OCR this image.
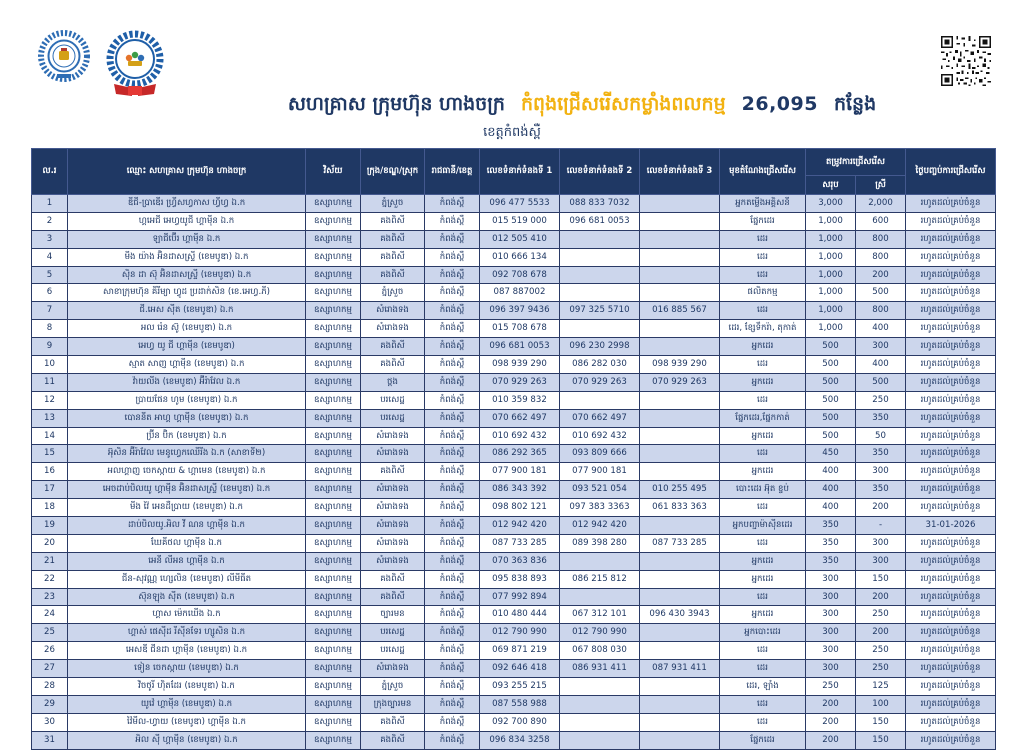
សហគ្រាស ក្រុមហ៊ុន ហាងចក្រ កំពុងជ្រើសរើសកម្លាំងពលកម្ម 26,095 កន្លែង
ខេត្តកំពង់ស្ពឺ
ល.រ	ឈ្មោះ សហគ្រាស ក្រុមហ៊ុន ហាងចក្រ	វិស័យ	ក្រុង/ខណ្ឌ/ស្រុក	រាជធានី/ខេត្ត	លេខទំនាក់ទំនងទី 1	លេខទំនាក់ទំនងទី 2	លេខទំនាក់ទំនងទី 3	មុខតំណែងជ្រើសរើស	តម្រូវការជ្រើសរើស		ថ្ងៃបញ្ចប់ការជ្រើសរើស
									សរុប	ស្រី	
1	ឌីជី-ប្រាឌើរ ហ្វ្រីសហ្វកាស ហ្វីហ្វ ឯ.ក	ឧស្សាហកម្ម	ភ្នំស្រួច	កំពង់ស្ពឺ	096 477 5533	088 833 7032		អ្នកតម្លើងអគ្គិសនី	3,000	2,000	រហូតដល់គ្រប់ចំនួន
2	ហ្គអេជី អេហ្វយូជី ហ្គាម៉ីន ឯ.ក	ឧស្សាហកម្ម	គងពិសី	កំពង់ស្ពឺ	015 519 000	096 681 0053		ផ្នែកដេរ	1,000	600	រហូតដល់គ្រប់ចំនួន
3	ឡាជីប៊ើរ ហ្គាម៉ីន ឯ.ក	ឧស្សាហកម្ម	គងពិសី	កំពង់ស្ពឺ	012 505 410			ដេរ	1,000	800	រហូតដល់គ្រប់ចំនួន
4	មីង យ៉ាង អ៊ិនដាសស្ទ្រី (ខេមបូឌា) ឯ.ក	ឧស្សាហកម្ម	គងពិសី	កំពង់ស្ពឺ	010 666 134			ដេរ	1,000	800	រហូតដល់គ្រប់ចំនួន
5	ស៊ិន ដា ស៊ុ អ៊ិនដាសស្ទ្រី (ខេមបូឌា) ឯ.ក	ឧស្សាហកម្ម	គងពិសី	កំពង់ស្ពឺ	092 708 678			ដេរ	1,000	200	រហូតដល់គ្រប់ចំនួន
6	សាខាក្រុមហ៊ុន គីរីម្យា ហ្វូដ ប្រដាក់សិន (ខេ.អេហ្វ.ភី)	ឧស្សាហកម្ម	ភ្នំស្រួច	កំពង់ស្ពឺ	087 887002			ផលិតកម្ម	1,000	500	រហូតដល់គ្រប់ចំនួន
7	ជី.អេស ស៊ីត (ខេមបូឌា) ឯ.ក	ឧស្សាហកម្ម	សំរោងទង	កំពង់ស្ពឺ	096 397 9436	097 325 5710	016 885 567	ដេរ	1,000	800	រហូតដល់គ្រប់ចំនួន
8	អល រ៉េន ស៊ូ (ខេមបូឌា) ឯ.ក	ឧស្សាហកម្ម	សំរោងទង	កំពង់ស្ពឺ	015 708 678			ដេរ, ខ្សែទឹករ៉ា, តុកាត់	1,000	400	រហូតដល់គ្រប់ចំនួន
9	អេហ្វ យូ ជី ហ្គាម៉ីន (ខេមបូឌា)	ឧស្សាហកម្ម	គងពិសី	កំពង់ស្ពឺ	096 681 0053	096 230 2998		អ្នកដេរ	500	300	រហូតដល់គ្រប់ចំនួន
10	ស្មាត សាញ ហ្គាម៉ីន (ខេមបូឌា) ឯ.ក	ឧស្សាហកម្ម	គងពិសី	កំពង់ស្ពឺ	098 939 290	086 282 030	098 939 290	ដេរ	500	400	រហូតដល់គ្រប់ចំនួន
11	វ៉ាយលីង (ខេមបូឌា) អ៊ីរ៉ាវែល ឯ.ក	ឧស្សាហកម្ម	ថ្ពង	កំពង់ស្ពឺ	070 929 263	070 929 263	070 929 263	អ្នកដេរ	500	500	រហូតដល់គ្រប់ចំនួន
12	ប្រាយផែន ហូម (ខេមបូឌា) ឯ.ក	ឧស្សាហកម្ម	បរសេដ្ឋ	កំពង់ស្ពឺ	010 359 832			ដេរ	500	250	រហូតដល់គ្រប់ចំនួន
13	បោននីត អាហ្គ ហ្គាម៉ីន (ខេមបូឌា) ឯ.ក	ឧស្សាហកម្ម	បរសេដ្ឋ	កំពង់ស្ពឺ	070 662 497	070 662 497		ផ្នែកដេរ,ផ្នែកកាត់	500	350	រហូតដល់គ្រប់ចំនួន
14	ប្រ៊ីន ប៊ិក (ខេមបូឌា) ឯ.ក	ឧស្សាហកម្ម	សំរោងទង	កំពង់ស្ពឺ	010 692 432	010 692 432		អ្នកដេរ	500	50	រហូតដល់គ្រប់ចំនួន
15	អ៊ុសិន អ៊ីរ៉ាវែល មេនូហ្វេកឈើរីង ឯ.ក (សាខាទី២)	ឧស្សាហកម្ម	សំរោងទង	កំពង់ស្ពឺ	086 292 365	093 809 666		ដេរ	450	350	រហូតដល់គ្រប់ចំនួន
16	អលហ្គាញ ចេកស្កាយ & ហ្គាមេន (ខេមបូឌា) ឯ.ក	ឧស្សាហកម្ម	គងពិសី	កំពង់ស្ពឺ	077 900 181	077 900 181		អ្នកដេរ	400	300	រហូតដល់គ្រប់ចំនួន
17	អេចដាប់បិលយូ ហ្គាម៉ីន អ៊ិនដាសស្ទ្រី (ខេមបូឌា) ឯ.ក	ឧស្សាហកម្ម	សំរោងទង	កំពង់ស្ពឺ	086 343 392	093 521 054	010 255 495	បោះដេរ អ៊ុត ខ្ចប់	400	350	រហូតដល់គ្រប់ចំនួន
18	មីង វ៉ៃ អេនដឺប្រាយ (ខេមបូឌា) ឯ.ក	ឧស្សាហកម្ម	សំរោងទង	កំពង់ស្ពឺ	098 802 121	097 383 3363	061 833 363	ដេរ	400	200	រហូតដល់គ្រប់ចំនួន
19	ដាប់បិលយូ.អិល វី ណន ហ្គាម៉ីន ឯ.ក	ឧស្សាហកម្ម	សំរោងទង	កំពង់ស្ពឺ	012 942 420	012 942 420		អ្នកបញ្ជាម៉ាស៊ីនដេរ	350	-	31-01-2026
20	ឃែគីថល ហ្គាម៉ីន ឯ.ក	ឧស្សាហកម្ម	សំរោងទង	កំពង់ស្ពឺ	087 733 285	089 398 280	087 733 285	ដេរ	350	300	រហូតដល់គ្រប់ចំនួន
21	អេនី លីអន ហ្គាម៉ីន ឯ.ក	ឧស្សាហកម្ម	សំរោងទង	កំពង់ស្ពឺ	070 363 836			អ្នកដេរ	350	300	រហូតដល់គ្រប់ចំនួន
22	ជីន-សុវណ្ណ ហ្សេលិន (ខេមបូឌា) លីមីធីត	ឧស្សាហកម្ម	គងពិសី	កំពង់ស្ពឺ	095 838 893	086 215 812		អ្នកដេរ	300	150	រហូតដល់គ្រប់ចំនួន
23	ស៊ុនឡុង ស៊ីត (ខេមបូឌា) ឯ.ក	ឧស្សាហកម្ម	គងពិសី	កំពង់ស្ពឺ	077 992 894			ដេរ	300	200	រហូតដល់គ្រប់ចំនួន
24	ហ្គាស ម៉េកឃើង ឯ.ក	ឧស្សាហកម្ម	ច្បារមន	កំពង់ស្ពឺ	010 480 444	067 312 101	096 430 3943	អ្នកដេរ	300	250	រហូតដល់គ្រប់ចំនួន
25	ហ្គាស់ ផេស៊ីដ រីស៊ីនទែរ ហ្សូសិន ឯ.ក	ឧស្សាហកម្ម	បរសេដ្ឋ	កំពង់ស្ពឺ	012 790 990	012 790 990		អ្នកបោះដេរ	300	200	រហូតដល់គ្រប់ចំនួន
26	អេសឌី ជីនដា ហ្គាម៉ីន (ខេមបូឌា) ឯ.ក	ឧស្សាហកម្ម	បរសេដ្ឋ	កំពង់ស្ពឺ	069 871 219	067 808 030		ដេរ	300	250	រហូតដល់គ្រប់ចំនួន
27	ទៀន ចេកស្កាយ (ខេមបូឌា) ឯ.ក	ឧស្សាហកម្ម	សំរោងទង	កំពង់ស្ពឺ	092 646 418	086 931 411	087 931 411	ដេរ	300	250	រហូតដល់គ្រប់ចំនួន
28	វិចថូរី ហ៊ិតដែរ (ខេមបូឌា) ឯ.ក	ឧស្សាហកម្ម	ភ្នំស្រួច	កំពង់ស្ពឺ	093 255 215			ដេរ, ឡាំង	250	125	រហូតដល់គ្រប់ចំនួន
29	យូវ៉េ ហ្គាម៉ីន (ខេមបូឌា) ឯ.ក	ឧស្សាហកម្ម	ក្រុងច្បារមន	កំពង់ស្ពឺ	087 558 988			ដេរ	200	100	រហូតដល់គ្រប់ចំនួន
30	វ៉ៃមីល-ហ្វាយ (ខេមបូឌា) ហ្គាម៉ីន ឯ.ក	ឧស្សាហកម្ម	គងពិសី	កំពង់ស្ពឺ	092 700 890			ដេរ	200	150	រហូតដល់គ្រប់ចំនួន
31	អិល ស៊ី ហ្គាម៉ីន (ខេមបូឌា) ឯ.ក	ឧស្សាហកម្ម	គងពិសី	កំពង់ស្ពឺ	096 834 3258			ផ្នែកដេរ	200	150	រហូតដល់គ្រប់ចំនួន
